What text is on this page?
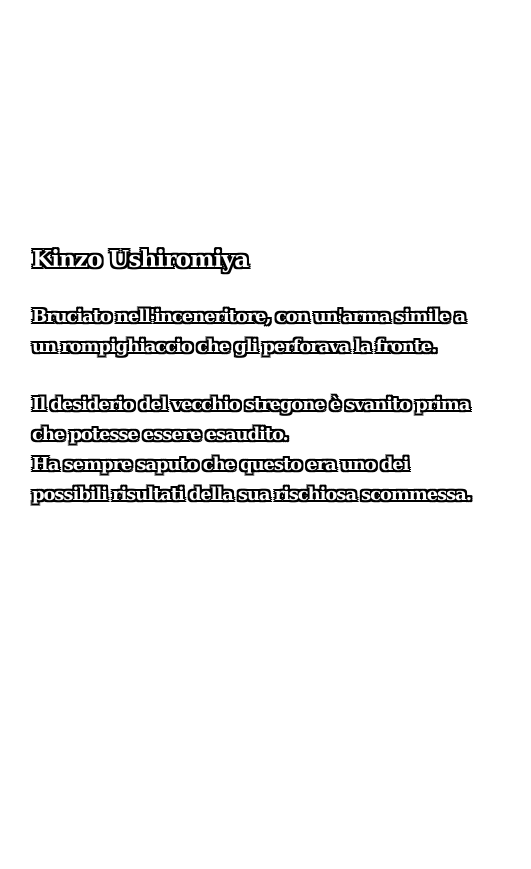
Kinzo Ushiromiya
Bruciato nell'inceneritore, con un'arma simile a
un rompighiaccio che gli perforava la fronte.
Il desiderio del vecchio stregone è svanito prima
che potesse essere esaudito.
Ha sempre saputo che questo era uno dei
possibili risultati della sua rischiosa scommessa.
